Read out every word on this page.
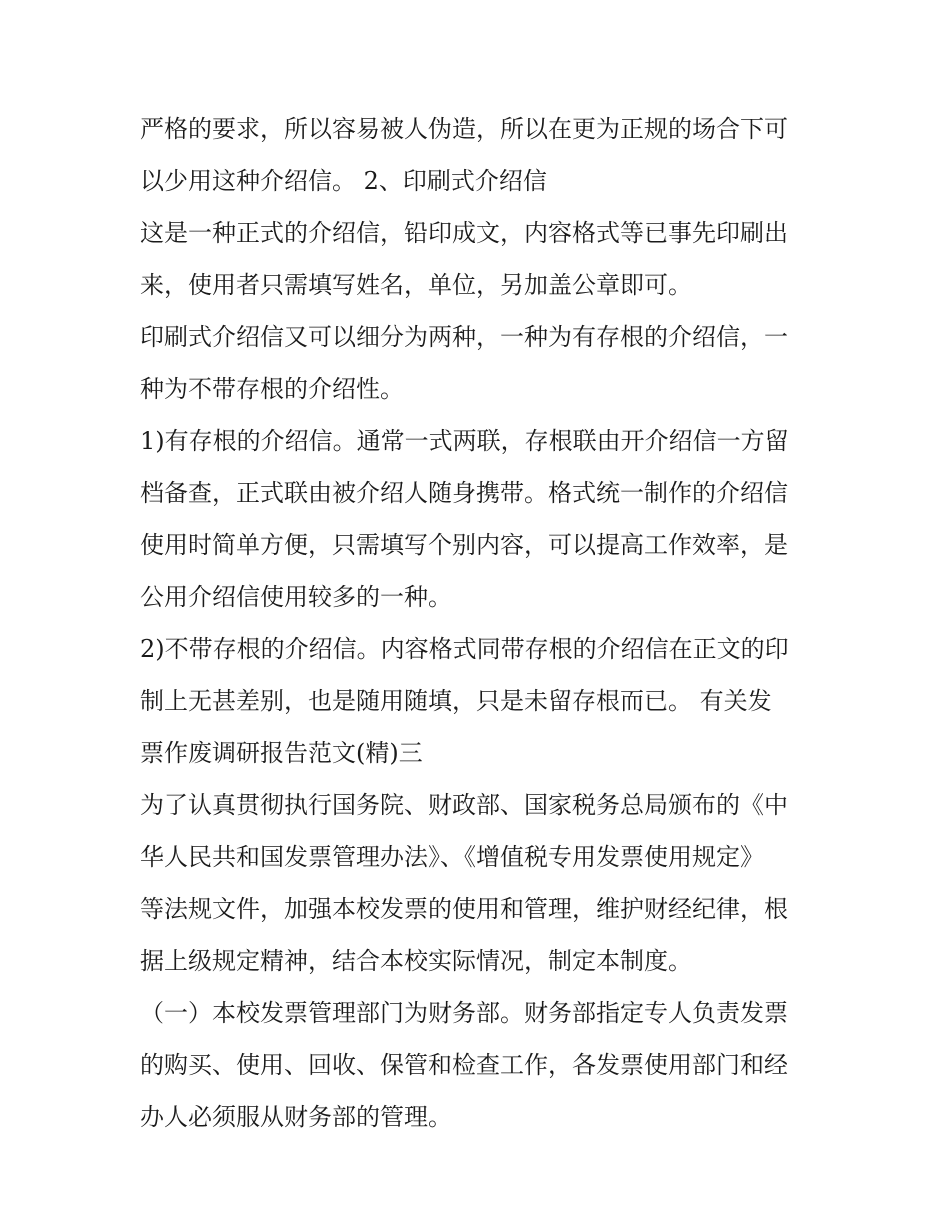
严格的要求，所以容易被人伪造，所以在更为正规的场合下可
以少用这种介绍信。 2、印刷式介绍信
这是一种正式的介绍信，铅印成文，内容格式等已事先印刷出
来，使用者只需填写姓名，单位，另加盖公章即可。
印刷式介绍信又可以细分为两种，一种为有存根的介绍信，一
种为不带存根的介绍性。
1)有存根的介绍信。通常一式两联，存根联由开介绍信一方留
档备查，正式联由被介绍人随身携带。格式统一制作的介绍信
使用时简单方便，只需填写个别内容，可以提高工作效率，是
公用介绍信使用较多的一种。
2)不带存根的介绍信。内容格式同带存根的介绍信在正文的印
制上无甚差别，也是随用随填，只是未留存根而已。 有关发
票作废调研报告范文(精)三
为了认真贯彻执行国务院、财政部、国家税务总局颁布的《中
华人民共和国发票管理办法》、《增值税专用发票使用规定》
等法规文件，加强本校发票的使用和管理，维护财经纪律，根
据上级规定精神，结合本校实际情况，制定本制度。
（一）本校发票管理部门为财务部。财务部指定专人负责发票
的购买、使用、回收、保管和检查工作，各发票使用部门和经
办人必须服从财务部的管理。
